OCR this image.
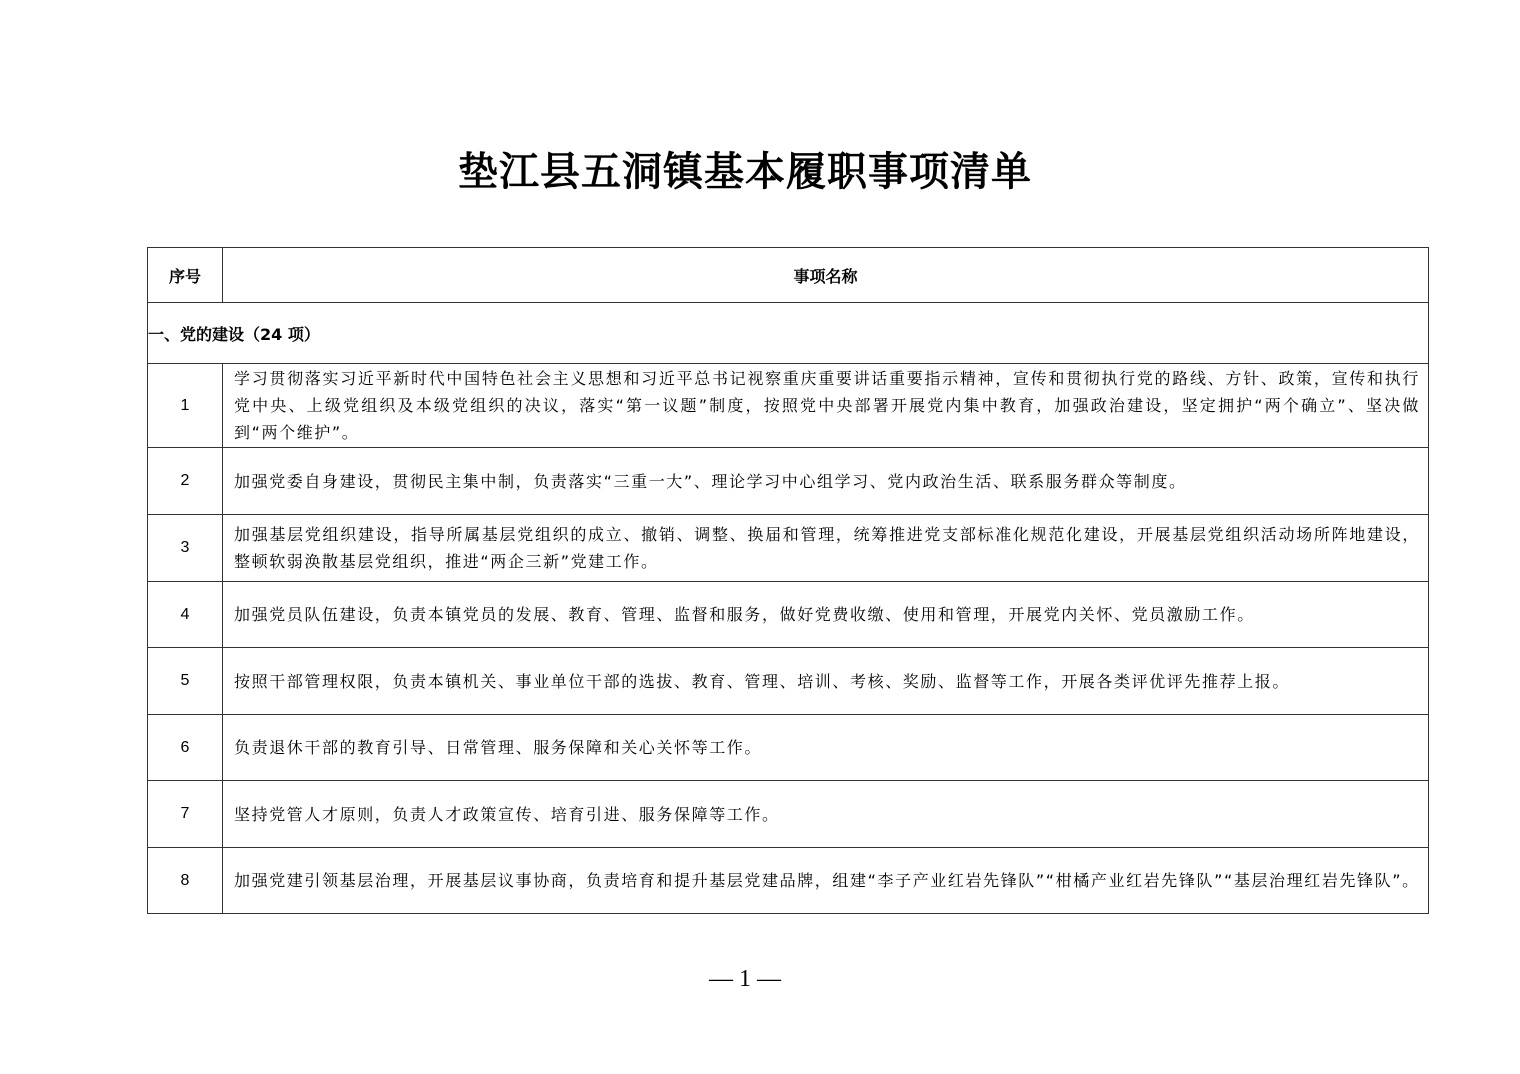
垫江县五洞镇基本履职事项清单
序号	事项名称
一、党的建设（24 项）	
1	学习贯彻落实习近平新时代中国特色社会主义思想和习近平总书记视察重庆重要讲话重要指示精神，宣传和贯彻执行党的路线、方针、政策，宣传和执行党中央、上级党组织及本级党组织的决议，落实“第一议题”制度，按照党中央部署开展党内集中教育，加强政治建设，坚定拥护“两个确立”、坚决做到“两个维护”。
2	加强党委自身建设，贯彻民主集中制，负责落实“三重一大”、理论学习中心组学习、党内政治生活、联系服务群众等制度。
3	加强基层党组织建设，指导所属基层党组织的成立、撤销、调整、换届和管理，统筹推进党支部标准化规范化建设，开展基层党组织活动场所阵地建设，整顿软弱涣散基层党组织，推进“两企三新”党建工作。
4	加强党员队伍建设，负责本镇党员的发展、教育、管理、监督和服务，做好党费收缴、使用和管理，开展党内关怀、党员激励工作。
5	按照干部管理权限，负责本镇机关、事业单位干部的选拔、教育、管理、培训、考核、奖励、监督等工作，开展各类评优评先推荐上报。
6	负责退休干部的教育引导、日常管理、服务保障和关心关怀等工作。
7	坚持党管人才原则，负责人才政策宣传、培育引进、服务保障等工作。
8	加强党建引领基层治理，开展基层议事协商，负责培育和提升基层党建品牌，组建“李子产业红岩先锋队”“柑橘产业红岩先锋队”“基层治理红岩先锋队”。
— 1 —
